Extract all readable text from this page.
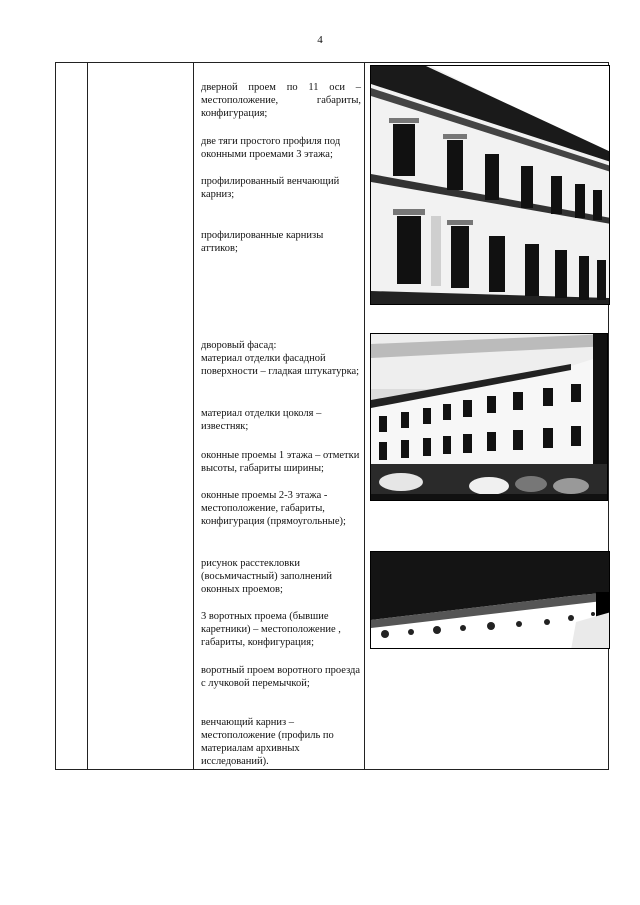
4

дверной проем по 11 оси – местоположение, габариты, конфигурация;

две тяги простого профиля под оконными проемами 3 этажа;

профилированный венчающий карниз;

профилированные карнизы аттиков;

дворовый фасад:

материал отделки фасадной поверхности – гладкая штукатурка;

материал отделки цоколя – известняк;

оконные проемы 1 этажа – отметки высоты, габариты ширины;

оконные проемы 2-3 этажа - местоположение, габариты, конфигурация (прямоугольные);

рисунок расстекловки (восьмичастный) заполнений оконных проемов;

3 воротных проема (бывшие каретники) – местоположение , габариты, конфигурация;

воротный проем воротного проезда с лучковой перемычкой;

венчающий карниз – местоположение (профиль по материалам архивных исследований).
